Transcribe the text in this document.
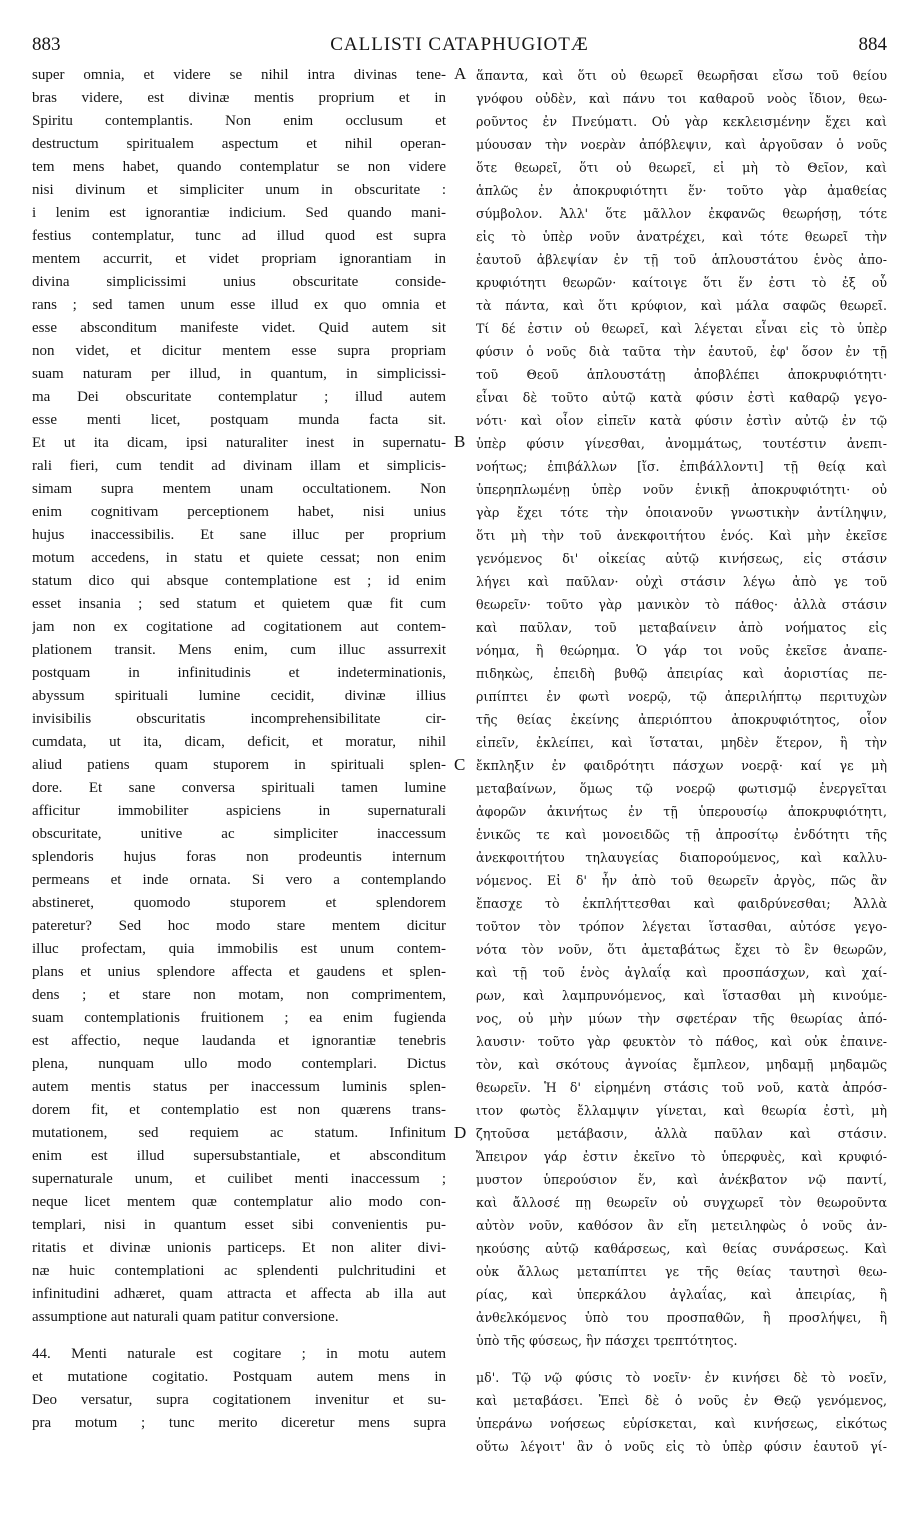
883	CALLISTI CATAPHUGIOTÆ	884
super omnia, et videre se nihil intra divinas tene-
bras videre, est divinæ mentis proprium et in
Spiritu contemplantis. Non enim occlusum et
destructum spiritualem aspectum et nihil operan-
tem mens habet, quando contemplatur se non videre
nisi divinum et simpliciter unum in obscuritate :
i lenim est ignorantiæ indicium. Sed quando mani-
festius contemplatur, tunc ad illud quod est supra
mentem accurrit, et videt propriam ignorantiam in
divina simplicissimi unius obscuritate conside-
rans ; sed tamen unum esse illud ex quo omnia et
esse absconditum manifeste videt. Quid autem sit
non videt, et dicitur mentem esse supra propriam
suam naturam per illud, in quantum, in simplicissi-
ma Dei obscuritate contemplatur ; illud autem
esse menti licet, postquam munda facta sit.
Et ut ita dicam, ipsi naturaliter inest in supernatu-
rali fieri, cum tendit ad divinam illam et simplicis-
simam supra mentem unam occultationem. Non
enim cognitivam perceptionem habet, nisi unius
hujus inaccessibilis. Et sane illuc per proprium
motum accedens, in statu et quiete cessat; non enim
statum dico qui absque contemplatione est ; id enim
esset insania ; sed statum et quietem quæ fit cum
jam non ex cogitatione ad cogitationem aut contem-
plationem transit. Mens enim, cum illuc assurrexit
postquam in infinitudinis et indeterminationis,
abyssum spirituali lumine cecidit, divinæ illius
invisibilis obscuritatis incomprehensibilitate cir-
cumdata, ut ita, dicam, deficit, et moratur, nihil
aliud patiens quam stuporem in spirituali splen-
dore. Et sane conversa spirituali tamen lumine
afficitur immobiliter aspiciens in supernaturali
obscuritate, unitive ac simpliciter inaccessum
splendoris hujus foras non prodeuntis internum
permeans et inde ornata. Si vero a contemplando
abstineret, quomodo stuporem et splendorem
pateretur? Sed hoc modo stare mentem dicitur
illuc profectam, quia immobilis est unum contem-
plans et unius splendore affecta et gaudens et splen-
dens ; et stare non motam, non comprimentem,
suam contemplationis fruitionem ; ea enim fugienda
est affectio, neque laudanda et ignorantiæ tenebris
plena, nunquam ullo modo contemplari. Dictus
autem mentis status per inaccessum luminis splen-
dorem fit, et contemplatio est non quærens trans-
mutationem, sed requiem ac statum. Infinitum
enim est illud supersubstantiale, et absconditum
supernaturale unum, et cuilibet menti inaccessum ;
neque licet mentem quæ contemplatur alio modo con-
templari, nisi in quantum esset sibi convenientis pu-
ritatis et divinæ unionis particeps. Et non aliter divi-
næ huic contemplationi ac splendenti pulchritudini et
infinitudini adhæret, quam attracta et affecta ab illa aut
assumptione aut naturali quam patitur conversione.
44. Menti naturale est cogitare ; in motu autem
et mutatione cogitatio. Postquam autem mens in
Deo versatur, supra cogitationem invenitur et su-
pra motum ; tunc merito diceretur mens supra
ἅπαντα, καὶ ὅτι οὐ θεωρεῖ θεωρῆσαι εἴσω τοῦ θείου
γνόφου οὐδὲν, καὶ πάνυ τοι καθαροῦ νοὸς ἴδιον, θεω-
ροῦντος ἐν Πνεύματι. Οὐ γὰρ κεκλεισμένην ἔχει καὶ
μύουσαν τὴν νοερὰν ἀπόβλεψιν, καὶ ἀργοῦσαν ὁ νοῦς
ὅτε θεωρεῖ, ὅτι οὐ θεωρεῖ, εἰ μὴ τὸ Θεῖον, καὶ
ἁπλῶς ἐν ἀποκρυφιότητι ἕν· τοῦτο γὰρ ἀμαθείας
σύμβολον. Ἀλλ' ὅτε μᾶλλον ἐκφανῶς θεωρήσῃ, τότε
εἰς τὸ ὑπὲρ νοῦν ἀνατρέχει, καὶ τότε θεωρεῖ τὴν
ἑαυτοῦ ἀβλεψίαν ἐν τῇ τοῦ ἁπλουστάτου ἑνὸς ἀπο-
κρυφιότητι θεωρῶν· καίτοιγε ὅτι ἕν ἐστι τὸ ἐξ οὗ
τὰ πάντα, καὶ ὅτι κρύφιον, καὶ μάλα σαφῶς θεωρεῖ.
Τί δέ ἐστιν οὐ θεωρεῖ, καὶ λέγεται εἶναι εἰς τὸ ὑπὲρ
φύσιν ὁ νοῦς διὰ ταῦτα τὴν ἑαυτοῦ, ἐφ' ὅσον ἐν τῇ
τοῦ Θεοῦ ἁπλουστάτῃ ἀποβλέπει ἀποκρυφιότητι·
εἶναι δὲ τοῦτο αὐτῷ κατὰ φύσιν ἐστὶ καθαρῷ γεγο-
νότι· καὶ οἷον εἰπεῖν κατὰ φύσιν ἐστὶν αὐτῷ ἐν τῷ
ὑπὲρ φύσιν γίνεσθαι, ἀνομμάτως, τουτέστιν ἀνεπι-
νοήτως; ἐπιβάλλων [ἴσ. ἐπιβάλλοντι] τῇ θείᾳ καὶ
ὑπερηπλωμένῃ ὑπὲρ νοῦν ἑνικῇ ἀποκρυφιότητι· οὐ
γὰρ ἔχει τότε τὴν ὁποιανοῦν γνωστικὴν ἀντίληψιν,
ὅτι μὴ τὴν τοῦ ἀνεκφοιτήτου ἑνός. Καὶ μὴν ἐκεῖσε
γενόμενος δι' οἰκείας αὐτῷ κινήσεως, εἰς στάσιν
λήγει καὶ παῦλαν· οὐχὶ στάσιν λέγω ἀπὸ γε τοῦ
θεωρεῖν· τοῦτο γὰρ μανικὸν τὸ πάθος· ἀλλὰ στάσιν
καὶ παῦλαν, τοῦ μεταβαίνειν ἀπὸ νοήματος εἰς
νόημα, ἢ θεώρημα. Ὁ γάρ τοι νοῦς ἐκεῖσε ἀναπε-
πιδηκὼς, ἐπειδὴ βυθῷ ἀπειρίας καὶ ἀοριστίας πε-
ριπίπτει ἐν φωτὶ νοερῷ, τῷ ἀπεριλήπτῳ περιτυχὼν
τῆς θείας ἐκείνης ἀπεριόπτου ἀποκρυφιότητος, οἷον
εἰπεῖν, ἐκλείπει, καὶ ἵσταται, μηδὲν ἕτερον, ἢ τὴν
ἔκπληξιν ἐν φαιδρότητι πάσχων νοερᾷ· καί γε μὴ
μεταβαίνων, ὅμως τῷ νοερῷ φωτισμῷ ἐνεργεῖται
ἀφορῶν ἀκινήτως ἐν τῇ ὑπερουσίῳ ἀποκρυφιότητι,
ἑνικῶς τε καὶ μονοειδῶς τῇ ἀπροσίτῳ ἐνδότητι τῆς
ἀνεκφοιτήτου τηλαυγείας διαπορούμενος, καὶ καλλυ-
νόμενος. Εἰ δ' ἦν ἀπὸ τοῦ θεωρεῖν ἀργὸς, πῶς ἂν
ἔπασχε τὸ ἐκπλήττεσθαι καὶ φαιδρύνεσθαι; Ἀλλὰ
τοῦτον τὸν τρόπον λέγεται ἵστασθαι, αὐτόσε γεγο-
νότα τὸν νοῦν, ὅτι ἀμεταβάτως ἔχει τὸ ἓν θεωρῶν,
καὶ τῇ τοῦ ἑνὸς ἀγλαΐᾳ καὶ προσπάσχων, καὶ χαί-
ρων, καὶ λαμπρυνόμενος, καὶ ἵστασθαι μὴ κινούμε-
νος, οὐ μὴν μύων τὴν σφετέραν τῆς θεωρίας ἀπό-
λαυσιν· τοῦτο γὰρ φευκτὸν τὸ πάθος, καὶ οὐκ ἐπαινε-
τὸν, καὶ σκότους ἀγνοίας ἔμπλεον, μηδαμῇ μηδαμῶς
θεωρεῖν. Ἡ δ' εἰρημένη στάσις τοῦ νοῦ, κατὰ ἀπρόσ-
ιτον φωτὸς ἔλλαμψιν γίνεται, καὶ θεωρία ἐστὶ, μὴ
ζητοῦσα μετάβασιν, ἀλλὰ παῦλαν καὶ στάσιν.
Ἄπειρον γάρ ἐστιν ἐκεῖνο τὸ ὑπερφυὲς, καὶ κρυφιό-
μυστον ὑπερούσιον ἕν, καὶ ἀνέκβατον νῷ παντί,
καὶ ἄλλοσέ πῃ θεωρεῖν οὐ συγχωρεῖ τὸν θεωροῦντα
αὐτὸν νοῦν, καθόσον ἂν εἴη μετειληφὼς ὁ νοῦς ἀν-
ηκούσης αὐτῷ καθάρσεως, καὶ θείας συνάρσεως. Καὶ
οὐκ ἄλλως μεταπίπτει γε τῆς θείας ταυτησὶ θεω-
ρίας, καὶ ὑπερκάλου ἀγλαΐας, καὶ ἀπειρίας, ἢ
ἀνθελκόμενος ὑπὸ του προσπαθῶν, ἢ προσλήψει, ἢ
ὑπὸ τῆς φύσεως, ἣν πάσχει τρεπτότητος.
μδ'. Τῷ νῷ φύσις τὸ νοεῖν· ἐν κινήσει δὲ τὸ νοεῖν,
καὶ μεταβάσει. Ἐπεὶ δὲ ὁ νοῦς ἐν Θεῷ γενόμενος,
ὑπεράνω νοήσεως εὑρίσκεται, καὶ κινήσεως, εἰκότως
οὕτω λέγοιτ' ἂν ὁ νοῦς εἰς τὸ ὑπὲρ φύσιν ἑαυτοῦ γί-
A
B
C
D
